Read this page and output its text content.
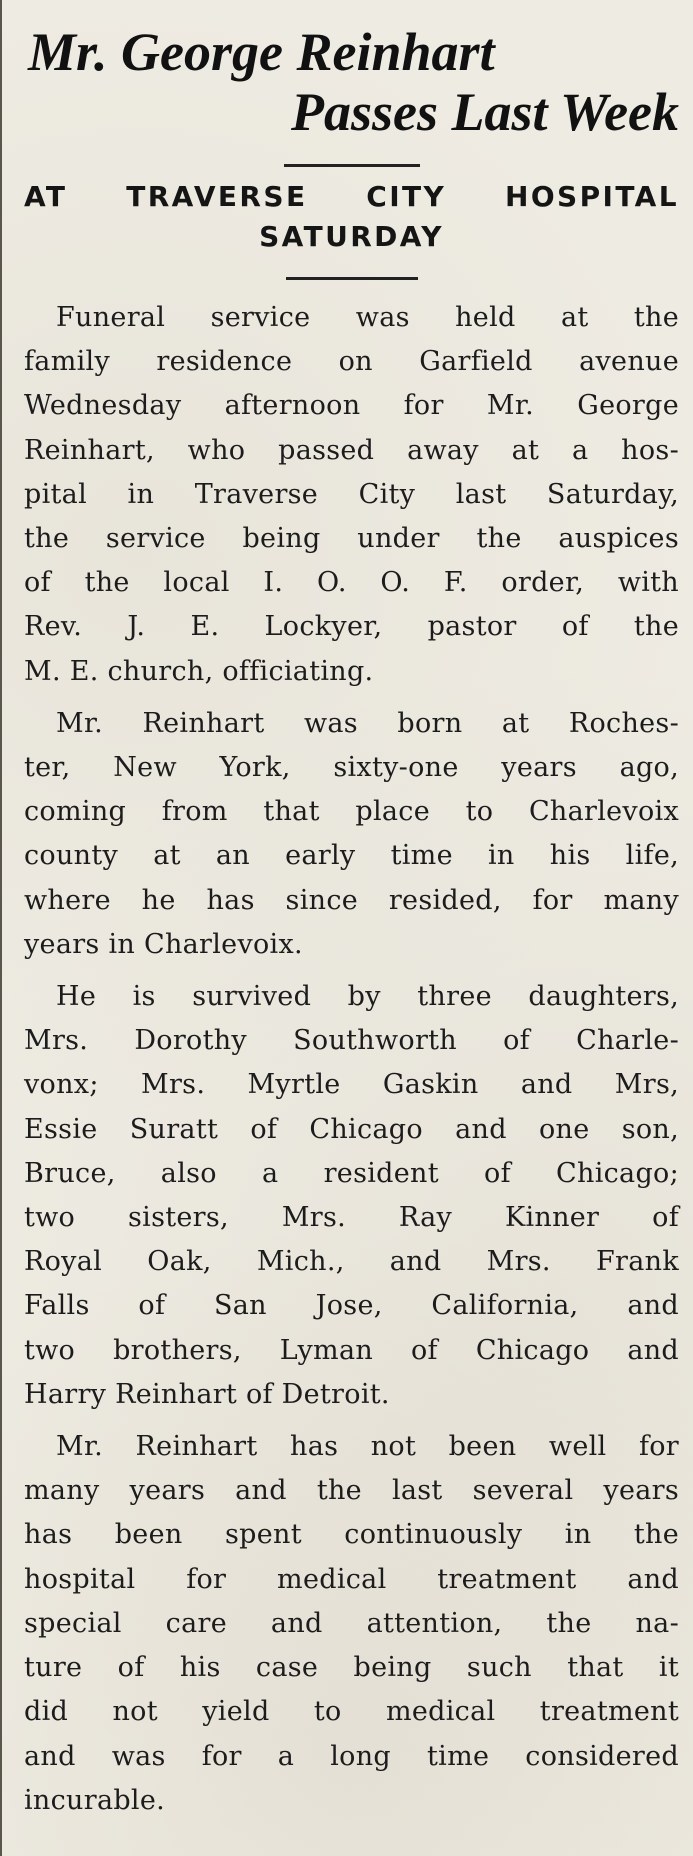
Mr. George Reinhart
Passes Last Week
AT TRAVERSE CITY HOSPITAL
SATURDAY

Funeral service was held at the
family residence on Garfield avenue
Wednesday afternoon for Mr. George
Reinhart, who passed away at a hos-
pital in Traverse City last Saturday,
the service being under the auspices
of the local I. O. O. F. order, with
Rev. J. E. Lockyer, pastor of the
M. E. church, officiating.

Mr. Reinhart was born at Roches-
ter, New York, sixty-one years ago,
coming from that place to Charlevoix
county at an early time in his life,
where he has since resided, for many
years in Charlevoix.

He is survived by three daughters,
Mrs. Dorothy Southworth of Charle-
vonx; Mrs. Myrtle Gaskin and Mrs,
Essie Suratt of Chicago and one son,
Bruce, also a resident of Chicago;
two sisters, Mrs. Ray Kinner of
Royal Oak, Mich., and Mrs. Frank
Falls of San Jose, California, and
two brothers, Lyman of Chicago and
Harry Reinhart of Detroit.

Mr. Reinhart has not been well for
many years and the last several years
has been spent continuously in the
hospital for medical treatment and
special care and attention, the na-
ture of his case being such that it
did not yield to medical treatment
and was for a long time considered
incurable.
